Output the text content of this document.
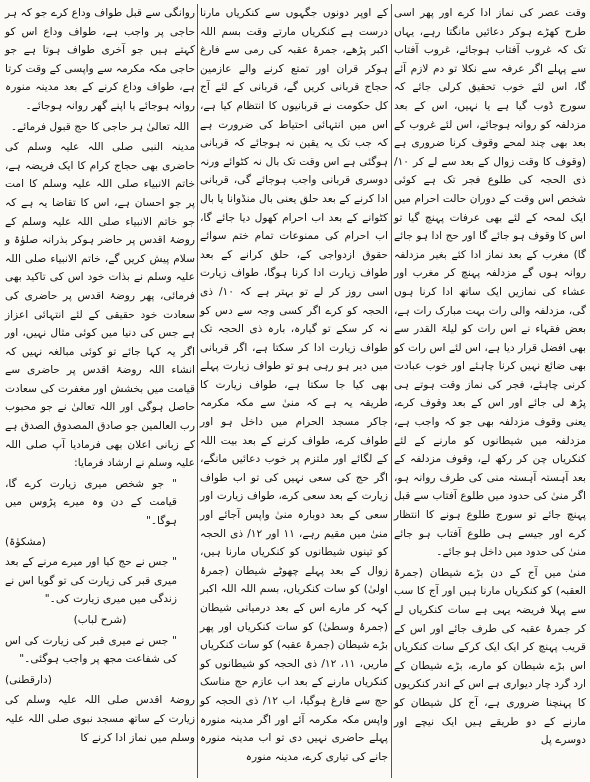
وقت عصر کی نماز ادا کرے اور پھر اسی طرح کھڑے ہوکر دعائیں مانگتا رہے، یہاں تک کہ غروب آفتاب ہوجائے، غروب آفتاب سے پہلے اگر عرفہ سے نکلا تو دم لازم آئے گا، اس لئے خوب تحقیق کرلی جائے کہ سورج ڈوب گیا ہے یا نہیں، اس کے بعد مزدلفہ کو روانہ ہوجائے، اس لئے غروب کے بعد بھی چند لمحے وقوف کرنا ضروری ہے (وقوف کا وقت زوال کے بعد سے لے کر ۱۰/ ذی الحجہ کی طلوع فجر تک ہے کوئی شخص اس وقت کے دوران حالت احرام میں ایک لمحہ کے لئے بھی عرفات پہنچ گیا تو اس کا وقوف ہو جائے گا اور حج ادا ہو جائے گا) مغرب کے بعد نماز ادا کئے بغیر مزدلفہ روانہ ہوں گے مزدلفہ پہنچ کر مغرب اور عشاء کی نمازیں ایک ساتھ ادا کرنا ہوں گی، مزدلفہ والی رات بہت مبارک رات ہے، بعض فقہاء نے اس رات کو لیلۃ القدر سے بھی افضل قرار دیا ہے، اس لئے اس رات کو بھی ضائع نہیں کرنا چاہئے اور خوب عبادت کرنی چاہئے، فجر کی نماز وقت ہوتے ہی پڑھ لی جائے اور اس کے بعد وقوف کرے، یعنی وقوف مزدلفہ بھی جو کہ واجب ہے، مزدلفہ میں شیطانوں کو مارنے کے لئے کنکریاں چن کر رکھ لے، وقوف مزدلفہ کے بعد آہستہ آہستہ منی کی طرف روانہ ہو، اگر منیٰ کی حدود میں طلوع آفتاب سے قبل پہنچ جائے تو سورج طلوع ہونے کا انتظار کرے اور جیسے ہی طلوع آفتاب ہو جائے منیٰ کی حدود میں داخل ہو جائے۔

منیٰ میں آج کے دن بڑے شیطان (جمرۃ العقبہ) کو کنکریاں مارنا ہیں اور آج کا سب سے پہلا فریضہ یہی ہے سات کنکریاں لے کر جمرۂ عقبہ کی طرف جائے اور اس کے قریب پہنچ کر ایک ایک کرکے سات کنکریاں اس بڑے شیطان کو مارے، بڑے شیطان کے ارد گرد چار دیواری ہے اس کے اندر کنکریوں کا پہنچنا ضروری ہے، آج کل شیطان کو مارنے کے دو طریقے ہیں ایک نیچے اور دوسرے پل

کے اوپر دونوں جگہوں سے کنکریاں مارنا درست ہے کنکریاں مارتے وقت بسم اللہ اکبر پڑھے، جمرۃ عقبہ کی رمی سے فارغ ہوکر قران اور تمتع کرنے والے عازمین حجاج قربانی کریں گے، قربانی کے لئے آج کل حکومت نے قربانیوں کا انتظام کیا ہے، اس میں انتہائی احتیاط کی ضرورت ہے کہ جب تک یہ یقین نہ ہوجائے کہ قربانی ہوگئی ہے اس وقت تک بال نہ کٹوائے ورنہ دوسری قربانی واجب ہوجائے گی، قربانی ادا کرنے کے بعد حلق یعنی بال منڈوانا یا بال کٹوانے کے بعد اب احرام کھول دیا جائے گا، اب احرام کی ممنوعات تمام ختم سوائے حقوق ازدواجی کے، حلق کرانے کے بعد طواف زیارت ادا کرنا ہوگا، طواف زیارت اسی روز کر لے تو بہتر ہے کہ ۱۰/ ذی الحجہ کو کرے اگر کسی وجہ سے دس کو نہ کر سکے تو گیارہ، بارہ ذی الحجہ تک طواف زیارت ادا کر سکتا ہے، اگر قربانی میں دیر ہو رہی ہو تو طواف زیارت پہلے بھی کیا جا سکتا ہے، طواف زیارت کا طریقہ یہ ہے کہ منیٰ سے مکہ مکرمہ جاکر مسجد الحرام میں داخل ہو اور طواف کرے، طواف کرنے کے بعد بیت اللہ کے لگائے اور ملتزم پر خوب دعائیں مانگے، اگر حج کی سعی نہیں کی تو اب طواف زیارت کے بعد سعی کرے، طواف زیارت اور سعی کے بعد دوبارہ منیٰ واپس آجائے اور منیٰ میں مقیم رہے، ۱۱ اور ۱۲/ ذی الحجہ کو تینوں شیطانوں کو کنکریاں مارنا ہیں، زوال کے بعد پہلے چھوٹے شیطان (جمرۂ اولیٰ) کو سات کنکریاں، بسم اللہ اللہ اکبر کہہ کر مارے اس کے بعد درمیانی شیطان (جمرۂ وسطیٰ) کو سات کنکریاں اور پھر بڑے شیطان (جمرۂ عقبہ) کو سات کنکریاں ماریں، ۱۱، ۱۲/ ذی الحجہ کو شیطانوں کو کنکریاں مارنے کے بعد اب عازم حج مناسک حج سے فارغ ہوگیا، اب ۱۲/ ذی الحجہ کو واپس مکہ مکرمہ آئے اور اگر مدینہ منورہ پہلے حاضری نہیں دی تو اب مدینہ منورہ جانے کی تیاری کرے، مدینہ منورہ

روانگی سے قبل طواف وداع کرے جو کہ ہر حاجی پر واجب ہے، طواف وداع اس کو کہتے ہیں جو آخری طواف ہوتا ہے جو حاجی مکہ مکرمہ سے واپسی کے وقت کرتا ہے، طواف وداع کرنے کے بعد مدینہ منورہ روانہ ہوجائے یا اپنے گھر روانہ ہوجائے۔

اللہ تعالیٰ ہر حاجی کا حج قبول فرمائے۔

مدینہ النبی صلی اللہ علیہ وسلم کی حاضری بھی حجاج کرام کا ایک فریضہ ہے، خاتم الانبیاء صلی اللہ علیہ وسلم کا امت پر جو احسان ہے، اس کا تقاضا یہ ہے کہ جو خاتم الانبیاء صلی اللہ علیہ وسلم کے روضۂ اقدس پر حاضر ہوکر بذرانہ صلوٰۃ و سلام پیش کریں گے، خاتم الانبیاء صلی اللہ علیہ وسلم نے بذات خود اس کی تاکید بھی فرمائی، پھر روضۂ اقدس پر حاضری کی سعادت خود حقیقی کے لئے انتہائی اعزاز ہے جس کی دنیا میں کوئی مثال نہیں، اور اگر یہ کہا جائے تو کوئی مبالغہ نہیں کہ انشاء اللہ روضۂ اقدس پر حاضری سے قیامت میں بخشش اور مغفرت کی سعادت حاصل ہوگی اور اللہ تعالیٰ نے جو محبوب رب العالمین جو صادق المصدوق الصدق ہے کے زبانی اعلان بھی فرمادیا آپ صلی اللہ علیہ وسلم نے ارشاد فرمایا:

" جو شخص میری زیارت کرے گا، قیامت کے دن وہ میرے پڑوس میں ہوگا۔"

(مشکوٰۃ)

" جس نے حج کیا اور میرے مرنے کے بعد میری قبر کی زیارت کی تو گویا اس نے زندگی میں میری زیارت کی۔"

(شرح لباب)

" جس نے میری قبر کی زیارت کی اس کی شفاعت مجھ پر واجب ہوگئی۔"

(دارقطنی)

روضۂ اقدس صلی اللہ علیہ وسلم کی زیارت کے ساتھ مسجد نبوی صلی اللہ علیہ وسلم میں نماز ادا کرنے کا
